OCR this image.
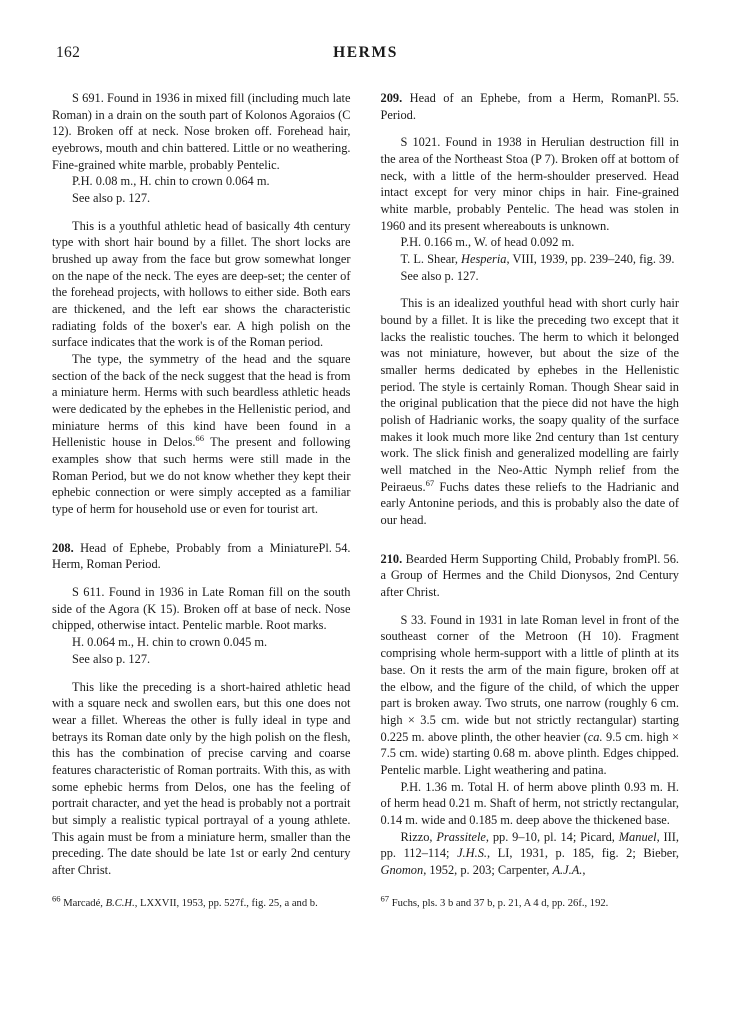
162	HERMS

S 691. Found in 1936 in mixed fill (including much late Roman) in a drain on the south part of Kolonos Agoraios (C 12). Broken off at neck. Nose broken off. Forehead hair, eyebrows, mouth and chin battered. Little or no weathering. Fine-grained white marble, probably Pentelic.

P.H. 0.08 m., H. chin to crown 0.064 m.

See also p. 127.

This is a youthful athletic head of basically 4th century type with short hair bound by a fillet. The short locks are brushed up away from the face but grow somewhat longer on the nape of the neck. The eyes are deep-set; the center of the forehead projects, with hollows to either side. Both ears are thickened, and the left ear shows the characteristic radiating folds of the boxer's ear. A high polish on the surface indicates that the work is of the Roman period.

The type, the symmetry of the head and the square section of the back of the neck suggest that the head is from a miniature herm. Herms with such beardless athletic heads were dedicated by the ephebes in the Hellenistic period, and miniature herms of this kind have been found in a Hellenistic house in Delos.$^{66}$ The present and following examples show that such herms were still made in the Roman Period, but we do not know whether they kept their ephebic connection or were simply accepted as a familiar type of herm for household use or even for tourist art.

Pl. 54.
208. Head of Ephebe, Probably from a Miniature Herm, Roman Period.

S 611. Found in 1936 in Late Roman fill on the south side of the Agora (K 15). Broken off at base of neck. Nose chipped, otherwise intact. Pentelic marble. Root marks.

H. 0.064 m., H. chin to crown 0.045 m.

See also p. 127.

This like the preceding is a short-haired athletic head with a square neck and swollen ears, but this one does not wear a fillet. Whereas the other is fully ideal in type and betrays its Roman date only by the high polish on the flesh, this has the combination of precise carving and coarse features characteristic of Roman portraits. With this, as with some ephebic herms from Delos, one has the feeling of portrait character, and yet the head is probably not a portrait but simply a realistic typical portrayal of a young athlete. This again must be from a miniature herm, smaller than the preceding. The date should be late 1st or early 2nd century after Christ.

$^{66}$ Marcadé, B.C.H., LXXVII, 1953, pp. 527f., fig. 25, a and b.

Pl. 55.
209. Head of an Ephebe, from a Herm, Roman Period.

S 1021. Found in 1938 in Herulian destruction fill in the area of the Northeast Stoa (P 7). Broken off at bottom of neck, with a little of the herm-shoulder preserved. Head intact except for very minor chips in hair. Fine-grained white marble, probably Pentelic. The head was stolen in 1960 and its present whereabouts is unknown.

P.H. 0.166 m., W. of head 0.092 m.

T. L. Shear, Hesperia, VIII, 1939, pp. 239–240, fig. 39.

See also p. 127.

This is an idealized youthful head with short curly hair bound by a fillet. It is like the preceding two except that it lacks the realistic touches. The herm to which it belonged was not miniature, however, but about the size of the smaller herms dedicated by ephebes in the Hellenistic period. The style is certainly Roman. Though Shear said in the original publication that the piece did not have the high polish of Hadrianic works, the soapy quality of the surface makes it look much more like 2nd century than 1st century work. The slick finish and generalized modelling are fairly well matched in the Neo-Attic Nymph relief from the Peiraeus.$^{67}$ Fuchs dates these reliefs to the Hadrianic and early Antonine periods, and this is probably also the date of our head.

Pl. 56.
210. Bearded Herm Supporting Child, Probably from a Group of Hermes and the Child Dionysos, 2nd Century after Christ.

S 33. Found in 1931 in late Roman level in front of the southeast corner of the Metroon (H 10). Fragment comprising whole herm-support with a little of plinth at its base. On it rests the arm of the main figure, broken off at the elbow, and the figure of the child, of which the upper part is broken away. Two struts, one narrow (roughly 6 cm. high × 3.5 cm. wide but not strictly rectangular) starting 0.225 m. above plinth, the other heavier (ca. 9.5 cm. high × 7.5 cm. wide) starting 0.68 m. above plinth. Edges chipped. Pentelic marble. Light weathering and patina.

P.H. 1.36 m. Total H. of herm above plinth 0.93 m. H. of herm head 0.21 m. Shaft of herm, not strictly rectangular, 0.14 m. wide and 0.185 m. deep above the thickened base.

Rizzo, Prassitele, pp. 9–10, pl. 14; Picard, Manuel, III, pp. 112–114; J.H.S., LI, 1931, p. 185, fig. 2; Bieber, Gnomon, 1952, p. 203; Carpenter, A.J.A.,

$^{67}$ Fuchs, pls. 3 b and 37 b, p. 21, A 4 d, pp. 26f., 192.
